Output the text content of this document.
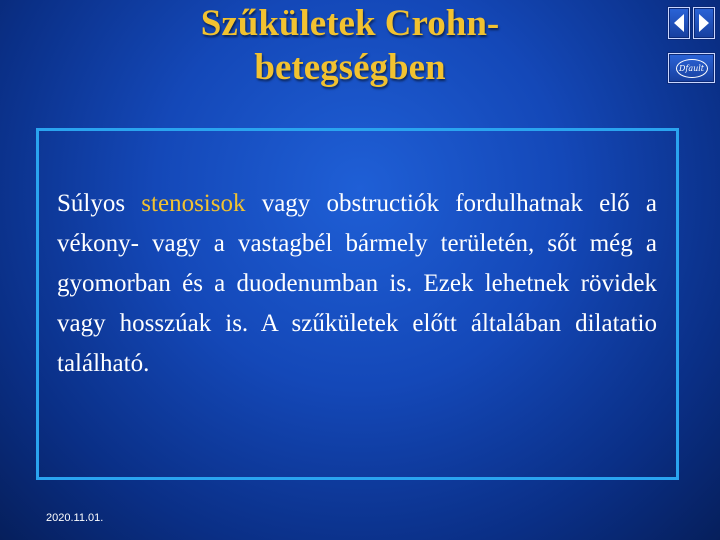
Szűkületek Crohn-
betegségben	Dfault

Súlyos stenosisok vagy obstructiók fordulhatnak elő a vékony- vagy a vastagbél bármely területén, sőt még a gyomorban és a duodenumban is. Ezek lehetnek rövidek vagy hosszúak is. A szűkületek előtt általában dilatatio található.

2020.11.01.
